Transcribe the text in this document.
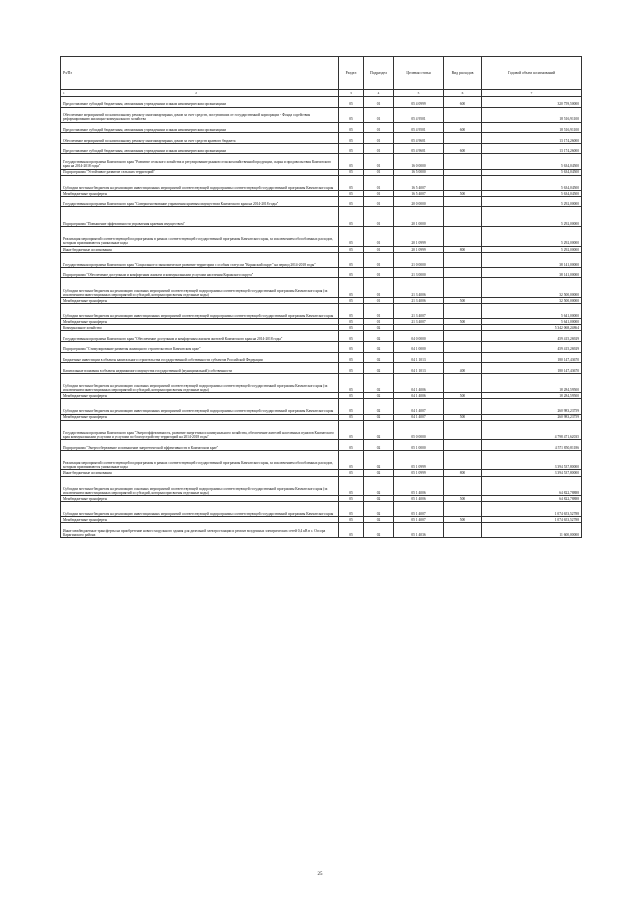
Рз/Пз	Раздел	Подраздел	Целевая статья	Вид расходов	Годовой объем ассигнований
1 2	3	4	5	6	7
Предоставление субсидий бюджетным, автономным учреждениям и иным некоммерческим организациям	05	01	05 4 0999	600	320 759,50000
Обеспечение мероприятий по капитальному ремонту многоквартирных домов за счет средств, поступивших от государственной корпорации - Фонда содействия реформированию жилищно-коммунального хозяйства	05	01	05 4 9501		18 516,91100
Предоставление субсидий бюджетным, автономным учреждениям и иным некоммерческим организациям	05	01	05 4 9501	600	18 516,91100
Обеспечение мероприятий по капитальному ремонту многоквартирных домов за счет средств краевого бюджета	05	01	05 4 9601		13 174,26000
Предоставление субсидий бюджетным, автономным учреждениям и иным некоммерческим организациям	05	01	05 4 9601	600	13 174,26000
Государственная программа Камчатского края "Развитие сельского хозяйства и регулирование рынков сельскохозяйственной продукции, сырья и продовольствия Камчатского края на 2014-2018 годы"	05	01	16 0 0000		5 634,04500
Подпрограмма "Устойчивое развитие сельских территорий"	05	01	16 5 0000		5 634,04500
Субсидии местным бюджетам на реализацию инвестиционных мероприятий соответствующей подпрограммы соответствующей государственной программы Камчатского края	05	01	16 5 4007		5 634,04500
Межбюджетные трансферты	05	01	16 5 4007	500	5 634,04500
Государственная программа Камчатского края "Совершенствование управления краевым имуществом Камчатского края на 2014-2018 годы"	05	01	20 0 0000		5 292,00000
Подпрограмма "Повышение эффективности управления краевым имуществом"	05	01	20 1 0000		5 292,00000
Реализация мероприятий соответствующей подпрограммы в рамках соответствующей государственной программы Камчатского края, за исключением обособленных расходов, которым присваиваются уникальные коды	05	01	20 1 0999		5 292,00000
Иные бюджетные ассигнования	05	01	20 1 0999	800	5 292,00000
Государственная программа Камчатского края "Социальное и экономическое развитие территории с особым статусом "Корякский округ" на период 2014-2018 годы"	05	01	21 0 0000		38 141,00000
Подпрограмма "Обеспечение доступным и комфортным жильем и коммунальными услугами населения Корякского округа"	05	01	21 3 0000		38 141,00000
Субсидии местным бюджетам на реализацию основных мероприятий соответствующей подпрограммы соответствующей государственной программы Камчатского края (за исключением инвестиционных мероприятий и субсидий, которым присвоены отдельные коды)	05	01	21 3 4006		32 500,00000
Межбюджетные трансферты	05	01	21 3 4006	500	32 500,00000
Субсидии местным бюджетам на реализацию инвестиционных мероприятий соответствующей подпрограммы соответствующей государственной программы Камчатского края	05	01	21 3 4007		5 641,00000
Межбюджетные трансферты	05	01	21 3 4007	500	5 641,00000
Коммунальное хозяйство	05	02			5 342 068,24864
Государственная программа Камчатского края "Обеспечение доступным и комфортным жильем жителей Камчатского края на 2014-2018 годы"	05	02	04 0 0000		459 415,26929
Подпрограмма "Стимулирование развития жилищного строительства в Камчатском крае"	05	02	04 1 0000		459 415,26929
Бюджетные инвестиции в объекты капитального строительства государственной собственности субъектов Российской Федерации	05	02	04 1 1013		180 147,43670
Капитальные вложения в объекты недвижимого имущества государственной (муниципальной) собственности	05	02	04 1 1013	400	180 147,43670
Субсидии местным бюджетам на реализацию основных мероприятий соответствующей подпрограммы соответствующей государственной программы Камчатского края (за исключением инвестиционных мероприятий и субсидий, которым присвоены отдельные коды)	05	02	04 1 4006		18 284,59500
Межбюджетные трансферты	05	02	04 1 4006	500	18 284,59500
Субсидии местным бюджетам на реализацию инвестиционных мероприятий соответствующей подпрограммы соответствующей государственной программы Камчатского края	05	02	04 1 4007		260 983,23759
Межбюджетные трансферты	05	02	04 1 4007	500	260 983,23759
Государственная программа Камчатского края "Энергоэффективность, развитие энергетики и коммунального хозяйства, обеспечение жителей населенных пунктов Камчатского края коммунальными услугами и услугами по благоустройству территорий на 2014-2018 годы"	05	02	05 0 0000		4 798 471,62035
Подпрограмма "Энергосбережение и повышение энергетической эффективности в Камчатском крае"	05	02	05 1 0000		4 571 850,81186
Реализация мероприятий соответствующей подпрограммы в рамках соответствующей государственной программы Камчатского края, за исключением обособленных расходов, которым присваиваются уникальные коды	05	02	05 1 0999		3 394 537,80000
Иные бюджетные ассигнования	05	02	05 1 0999	800	3 394 537,80000
Субсидии местным бюджетам на реализацию основных мероприятий соответствующей подпрограммы соответствующей государственной программы Камчатского края (за исключением инвестиционных мероприятий и субсидий, которым присвоены отдельные коды)	05	02	05 1 4006		64 822,78888
Межбюджетные трансферты	05	02	05 1 4006	500	64 822,78888
Субсидии местным бюджетам на реализацию инвестиционных мероприятий соответствующей подпрограммы соответствующей государственной программы Камчатского края	05	02	05 1 4007		1 074 653,52788
Межбюджетные трансферты	05	02	05 1 4007	500	1 074 653,52788
Иные межбюджетные трансферты на приобретение нового модульного здания для дизельной электростанции и ремонт воздушных электрических сетей 0,4 кВ в с. Оссора Карагинского района	05	02	05 1 4036		11 600,00000
25
